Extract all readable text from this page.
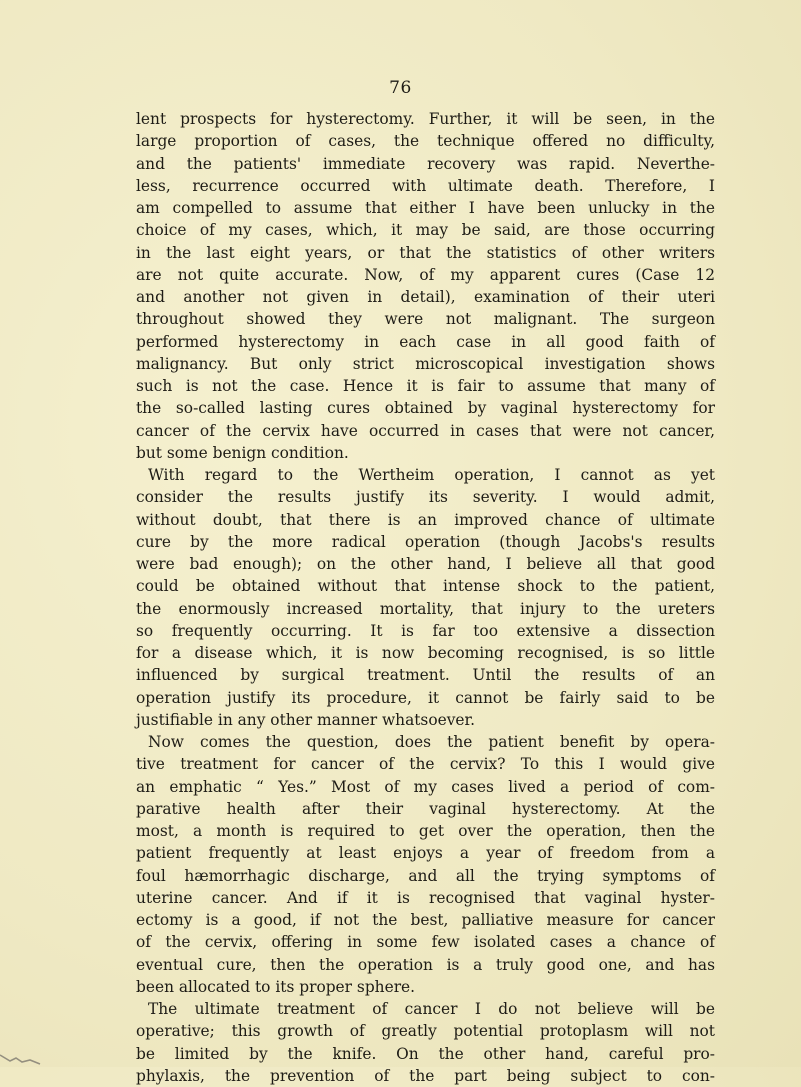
76
lent prospects for hysterectomy. Further, it will be seen, in the
large proportion of cases, the technique offered no difficulty,
and the patients' immediate recovery was rapid. Neverthe-
less, recurrence occurred with ultimate death. Therefore, I
am compelled to assume that either I have been unlucky in the
choice of my cases, which, it may be said, are those occurring
in the last eight years, or that the statistics of other writers
are not quite accurate. Now, of my apparent cures (Case 12
and another not given in detail), examination of their uteri
throughout showed they were not malignant. The surgeon
performed hysterectomy in each case in all good faith of
malignancy. But only strict microscopical investigation shows
such is not the case. Hence it is fair to assume that many of
the so-called lasting cures obtained by vaginal hysterectomy for
cancer of the cervix have occurred in cases that were not cancer,
but some benign condition.
With regard to the Wertheim operation, I cannot as yet
consider the results justify its severity. I would admit,
without doubt, that there is an improved chance of ultimate
cure by the more radical operation (though Jacobs's results
were bad enough); on the other hand, I believe all that good
could be obtained without that intense shock to the patient,
the enormously increased mortality, that injury to the ureters
so frequently occurring. It is far too extensive a dissection
for a disease which, it is now becoming recognised, is so little
influenced by surgical treatment. Until the results of an
operation justify its procedure, it cannot be fairly said to be
justifiable in any other manner whatsoever.
Now comes the question, does the patient benefit by opera-
tive treatment for cancer of the cervix? To this I would give
an emphatic “ Yes.” Most of my cases lived a period of com-
parative health after their vaginal hysterectomy. At the
most, a month is required to get over the operation, then the
patient frequently at least enjoys a year of freedom from a
foul hæmorrhagic discharge, and all the trying symptoms of
uterine cancer. And if it is recognised that vaginal hyster-
ectomy is a good, if not the best, palliative measure for cancer
of the cervix, offering in some few isolated cases a chance of
eventual cure, then the operation is a truly good one, and has
been allocated to its proper sphere.
The ultimate treatment of cancer I do not believe will be
operative; this growth of greatly potential protoplasm will not
be limited by the knife. On the other hand, careful pro-
phylaxis, the prevention of the part being subject to con-
